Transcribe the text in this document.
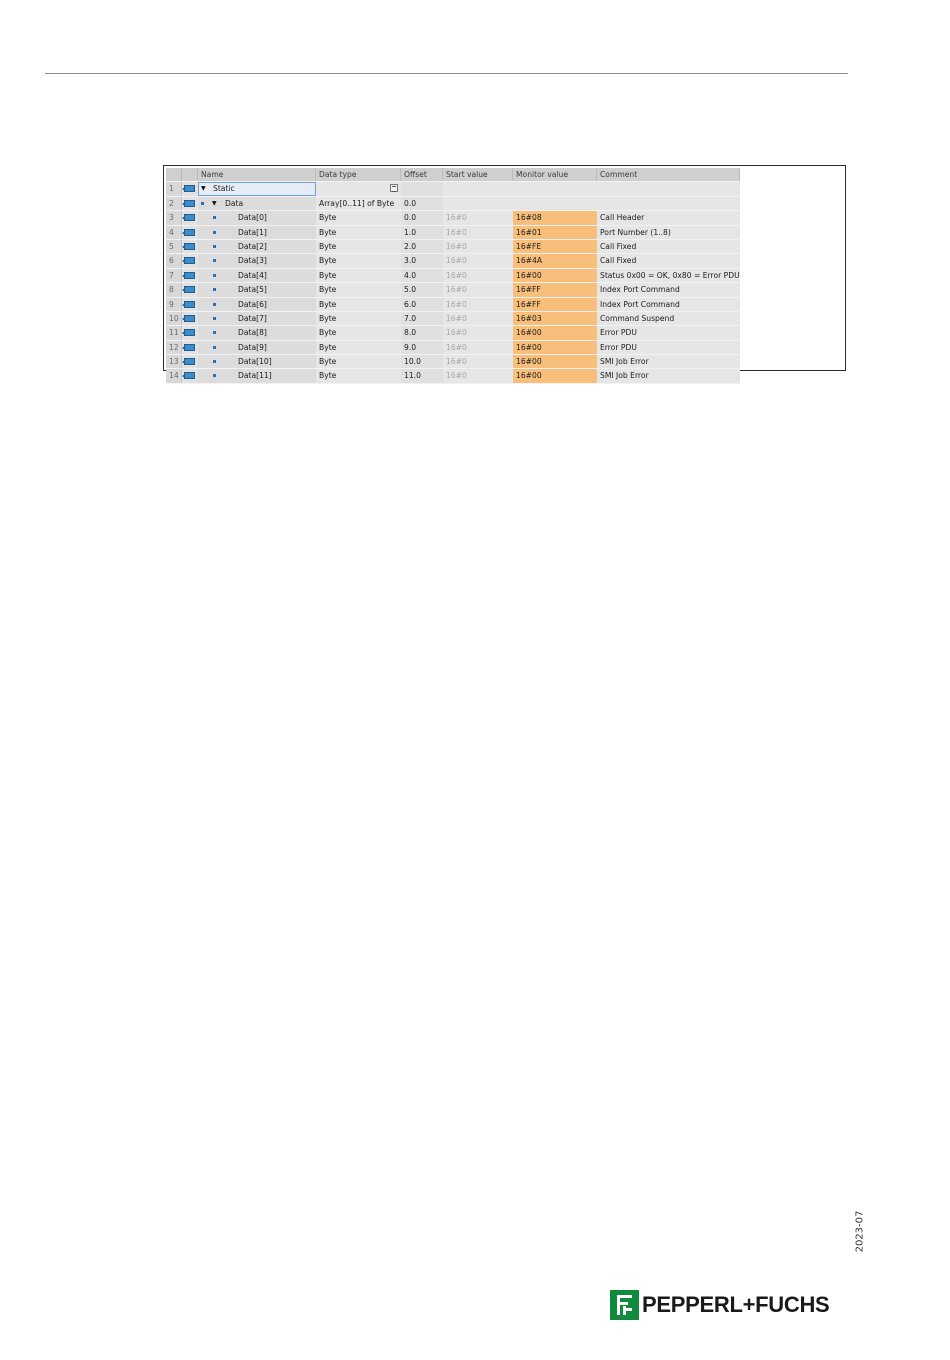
Name	Data type	Offset	Start value	Monitor value	Comment
1	▼ Static
2	▼ Data	Array[0..11] of Byte	0.0
3	Data[0]	Byte	0.0	16#0	16#08	Call Header
4	Data[1]	Byte	1.0	16#0	16#01	Port Number (1..8)
5	Data[2]	Byte	2.0	16#0	16#FE	Call Fixed
6	Data[3]	Byte	3.0	16#0	16#4A	Call Fixed
7	Data[4]	Byte	4.0	16#0	16#00	Status 0x00 = OK, 0x80 = Error PDU
8	Data[5]	Byte	5.0	16#0	16#FF	Index Port Command
9	Data[6]	Byte	6.0	16#0	16#FF	Index Port Command
10	Data[7]	Byte	7.0	16#0	16#03	Command Suspend
11	Data[8]	Byte	8.0	16#0	16#00	Error PDU
12	Data[9]	Byte	9.0	16#0	16#00	Error PDU
13	Data[10]	Byte	10.0	16#0	16#00	SMI Job Error
14	Data[11]	Byte	11.0	16#0	16#00	SMI Job Error
2023-07
PEPPERL+FUCHS
